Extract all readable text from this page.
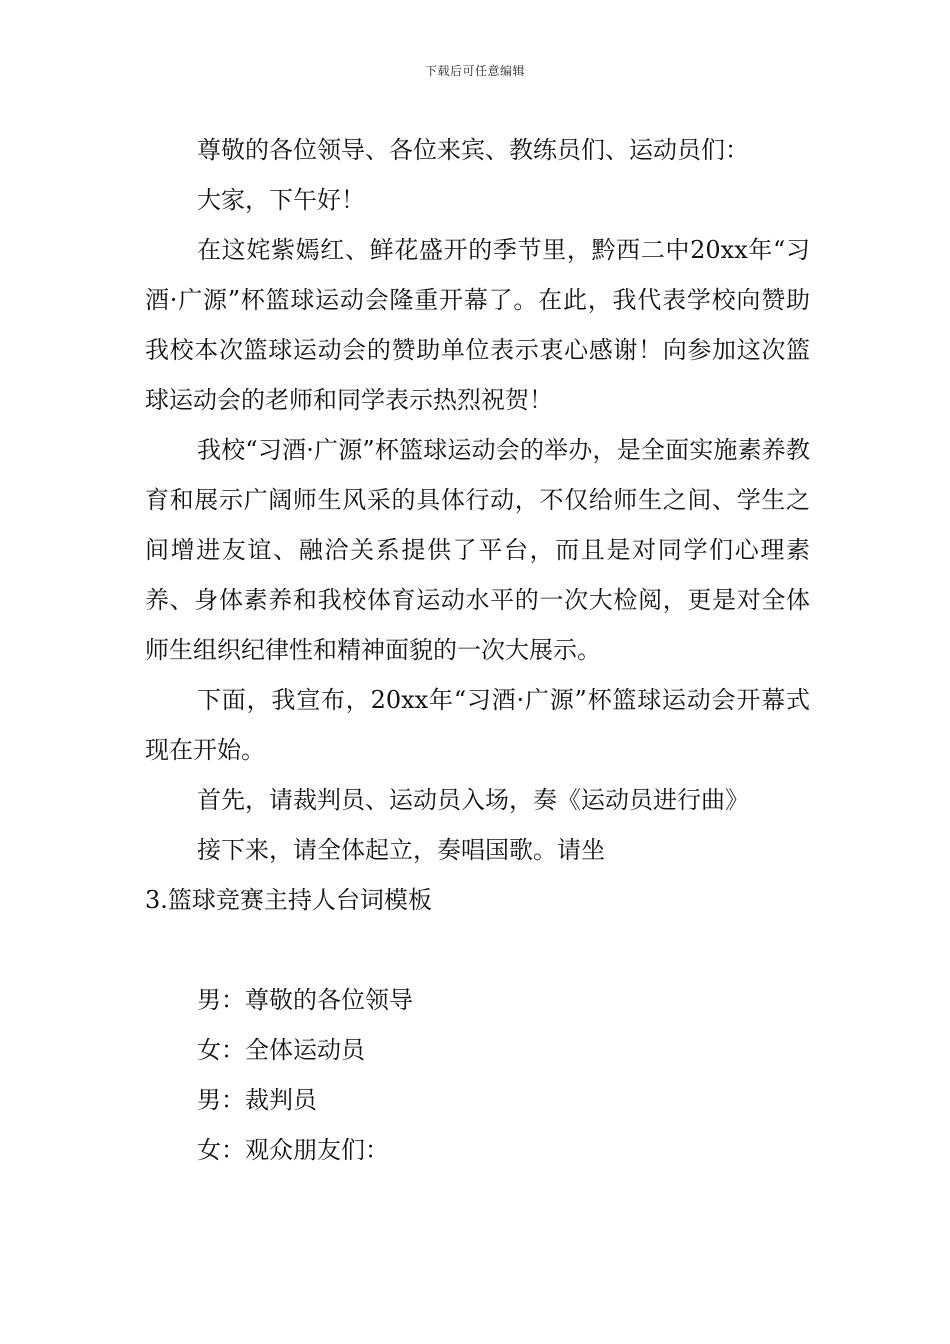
下载后可任意编辑

尊敬的各位领导、各位来宾、教练员们、运动员们：

大家，下午好！

在这姹紫嫣红、鲜花盛开的季节里，黔西二中20xx年“习酒·广源”杯篮球运动会隆重开幕了。在此，我代表学校向赞助我校本次篮球运动会的赞助单位表示衷心感谢！向参加这次篮球运动会的老师和同学表示热烈祝贺！

我校“习酒·广源”杯篮球运动会的举办，是全面实施素养教育和展示广阔师生风采的具体行动，不仅给师生之间、学生之间增进友谊、融洽关系提供了平台，而且是对同学们心理素养、身体素养和我校体育运动水平的一次大检阅，更是对全体师生组织纪律性和精神面貌的一次大展示。

下面，我宣布，20xx年“习酒·广源”杯篮球运动会开幕式现在开始。

首先，请裁判员、运动员入场，奏《运动员进行曲》

接下来，请全体起立，奏唱国歌。请坐

3.篮球竞赛主持人台词模板

男：尊敬的各位领导

女：全体运动员

男：裁判员

女：观众朋友们：
